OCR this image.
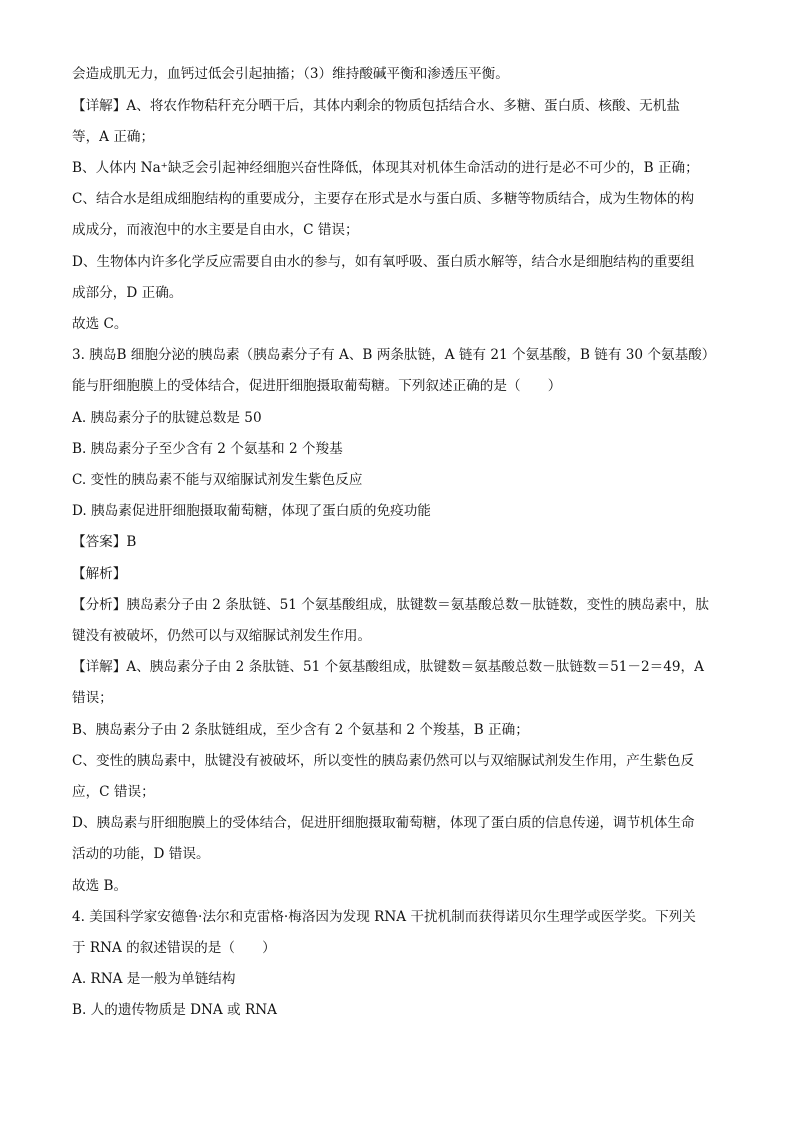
会造成肌无力，血钙过低会引起抽搐；（3）维持酸碱平衡和渗透压平衡。
【详解】A、将农作物秸秆充分晒干后，其体内剩余的物质包括结合水、多糖、蛋白质、核酸、无机盐
等，A 正确；
B、人体内 Na⁺缺乏会引起神经细胞兴奋性降低，体现其对机体生命活动的进行是必不可少的，B 正确；
C、结合水是组成细胞结构的重要成分，主要存在形式是水与蛋白质、多糖等物质结合，成为生物体的构
成成分，而液泡中的水主要是自由水，C 错误；
D、生物体内许多化学反应需要自由水的参与，如有氧呼吸、蛋白质水解等，结合水是细胞结构的重要组
成部分，D 正确。
故选 C。
3. 胰岛B 细胞分泌的胰岛素（胰岛素分子有 A、B 两条肽链，A 链有 21 个氨基酸，B 链有 30 个氨基酸）
能与肝细胞膜上的受体结合，促进肝细胞摄取葡萄糖。下列叙述正确的是（　　）
A. 胰岛素分子的肽键总数是 50
B. 胰岛素分子至少含有 2 个氨基和 2 个羧基
C. 变性的胰岛素不能与双缩脲试剂发生紫色反应
D. 胰岛素促进肝细胞摄取葡萄糖，体现了蛋白质的免疫功能
【答案】B
【解析】
【分析】胰岛素分子由 2 条肽链、51 个氨基酸组成，肽键数＝氨基酸总数－肽链数，变性的胰岛素中，肽
键没有被破坏，仍然可以与双缩脲试剂发生作用。
【详解】A、胰岛素分子由 2 条肽链、51 个氨基酸组成，肽键数＝氨基酸总数－肽链数＝51－2＝49，A
错误；
B、胰岛素分子由 2 条肽链组成，至少含有 2 个氨基和 2 个羧基，B 正确；
C、变性的胰岛素中，肽键没有被破坏，所以变性的胰岛素仍然可以与双缩脲试剂发生作用，产生紫色反
应，C 错误；
D、胰岛素与肝细胞膜上的受体结合，促进肝细胞摄取葡萄糖，体现了蛋白质的信息传递，调节机体生命
活动的功能，D 错误。
故选 B。
4. 美国科学家安德鲁·法尔和克雷格·梅洛因为发现 RNA 干扰机制而获得诺贝尔生理学或医学奖。下列关
于 RNA 的叙述错误的是（　　）
A. RNA 是一般为单链结构
B. 人的遗传物质是 DNA 或 RNA
